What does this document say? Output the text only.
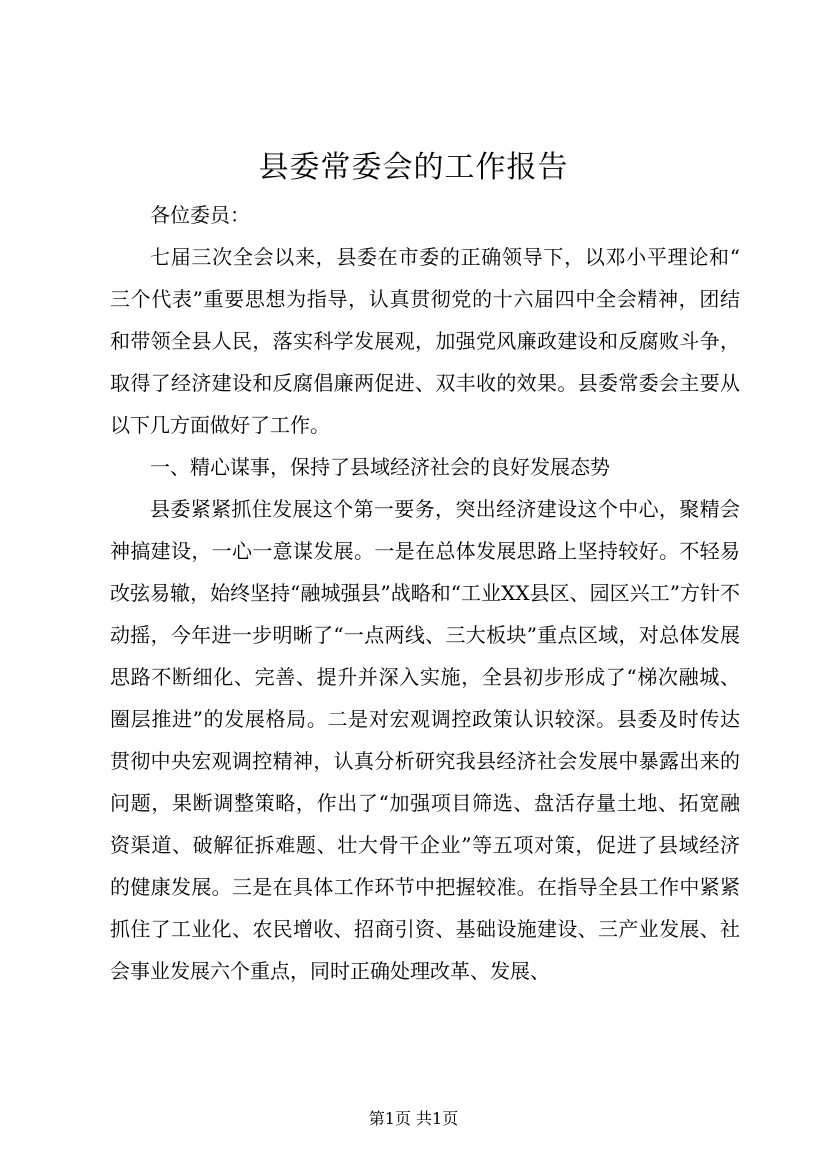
县委常委会的工作报告

各位委员：

七届三次全会以来，县委在市委的正确领导下，以邓小平理论和“三个代表”重要思想为指导，认真贯彻党的十六届四中全会精神，团结和带领全县人民，落实科学发展观，加强党风廉政建设和反腐败斗争，取得了经济建设和反腐倡廉两促进、双丰收的效果。县委常委会主要从以下几方面做好了工作。

一、精心谋事，保持了县域经济社会的良好发展态势

县委紧紧抓住发展这个第一要务，突出经济建设这个中心，聚精会神搞建设，一心一意谋发展。一是在总体发展思路上坚持较好。不轻易改弦易辙，始终坚持“融城强县”战略和“工业XX县区、园区兴工”方针不动摇，今年进一步明晰了“一点两线、三大板块”重点区域，对总体发展思路不断细化、完善、提升并深入实施，全县初步形成了“梯次融城、圈层推进”的发展格局。二是对宏观调控政策认识较深。县委及时传达贯彻中央宏观调控精神，认真分析研究我县经济社会发展中暴露出来的问题，果断调整策略，作出了“加强项目筛选、盘活存量土地、拓宽融资渠道、破解征拆难题、壮大骨干企业”等五项对策，促进了县域经济的健康发展。三是在具体工作环节中把握较准。在指导全县工作中紧紧抓住了工业化、农民增收、招商引资、基础设施建设、三产业发展、社会事业发展六个重点，同时正确处理改革、发展、

第1页 共1页
